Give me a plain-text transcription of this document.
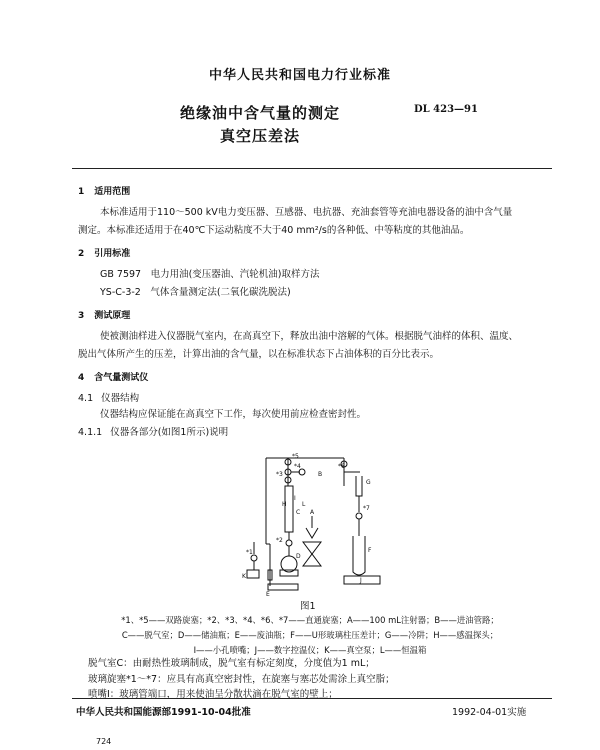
中华人民共和国电力行业标准

绝缘油中含气量的测定

真空压差法

DL 423—91

1 适用范围

本标准适用于110～500 kV电力变压器、互感器、电抗器、充油套管等充油电器设备的油中含气量

测定。本标准还适用于在40℃下运动粘度不大于40 mm²/s的各种低、中等粘度的其他油品。

2 引用标准

GB 7597　电力用油(变压器油、汽轮机油)取样方法

YS-C-3-2　气体含量测定法(二氧化碳洗脱法)

3 测试原理

使被测油样进入仪器脱气室内，在高真空下，释放出油中溶解的气体。根据脱气油样的体积、温度、

脱出气体所产生的压差，计算出油的含气量，以在标准状态下占油体积的百分比表示。

4 含气量测试仪

4.1 仪器结构

仪器结构应保证能在高真空下工作，每次使用前应检查密封性。

4.1.1 仪器各部分(如图1所示)说明

*5
*4
*3
*6
*7
*2
*1
A
B
C
D
E
F
G
H
I
J
K
L

图1

*1、*5——双路旋塞；*2、*3、*4、*6、*7——直通旋塞；A——100 mL注射器；B——进油管路；

C——脱气室；D——储油瓶；E——废油瓶；F——U形玻璃柱压差计；G——冷阱；H——感温探头；

I——小孔喷嘴；J——数字控温仪；K——真空泵；L——恒温箱

脱气室C：由耐热性玻璃制成，脱气室有标定刻度，分度值为1 mL；

玻璃旋塞*1～*7：应具有高真空密封性，在旋塞与塞芯处需涂上真空脂；

喷嘴I：玻璃管端口，用来使油呈分散状滴在脱气室的壁上；

中华人民共和国能源部1991-10-04批准	1992-04-01实施

724
